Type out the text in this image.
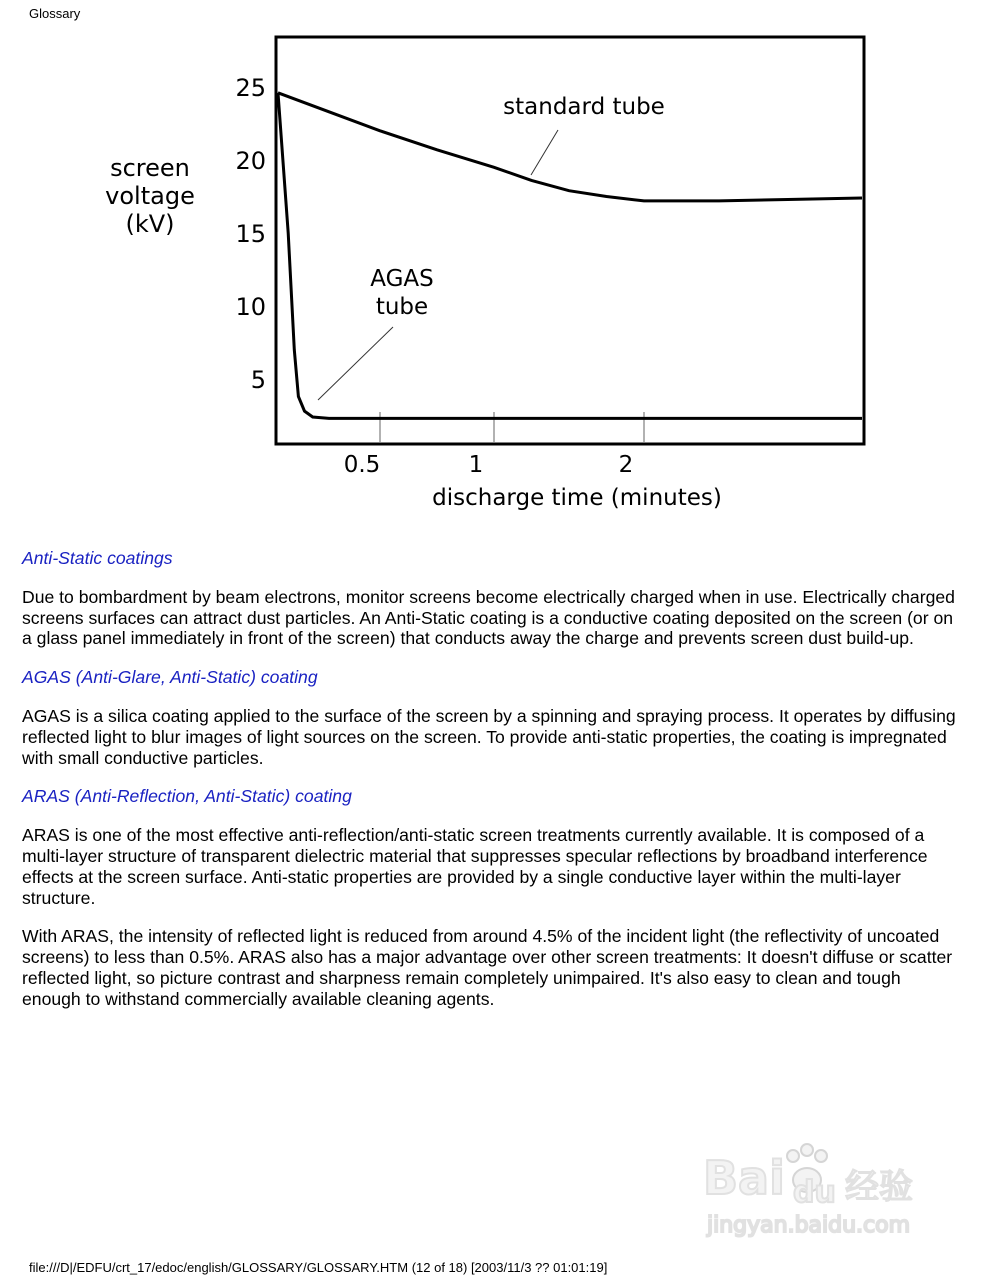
Glossary
25
20
15
10
5
0.5	1	2
screen
voltage
(kV)
discharge time (minutes)
standard tube
AGAS
tube
Anti-Static coatings

Due to bombardment by beam electrons, monitor screens become electrically charged when in use. Electrically charged screens surfaces can attract dust particles. An Anti-Static coating is a conductive coating deposited on the screen (or on a glass panel immediately in front of the screen) that conducts away the charge and prevents screen dust build-up.

AGAS (Anti-Glare, Anti-Static) coating

AGAS is a silica coating applied to the surface of the screen by a spinning and spraying process. It operates by diffusing reflected light to blur images of light sources on the screen. To provide anti-static properties, the coating is impregnated with small conductive particles.

ARAS (Anti-Reflection, Anti-Static) coating

ARAS is one of the most effective anti-reflection/anti-static screen treatments currently available. It is composed of a multi-layer structure of transparent dielectric material that suppresses specular reflections by broadband interference effects at the screen surface. Anti-static properties are provided by a single conductive layer within the multi-layer structure.

With ARAS, the intensity of reflected light is reduced from around 4.5% of the incident light (the reflectivity of uncoated screens) to less than 0.5%. ARAS also has a major advantage over other screen treatments: It doesn't diffuse or scatter reflected light, so picture contrast and sharpness remain completely unimpaired. It's also easy to clean and tough enough to withstand commercially available cleaning agents.

Bai du 经验
jingyan.baidu.com
file:///D|/EDFU/crt_17/edoc/english/GLOSSARY/GLOSSARY.HTM (12 of 18) [2003/11/3 ?? 01:01:19]
